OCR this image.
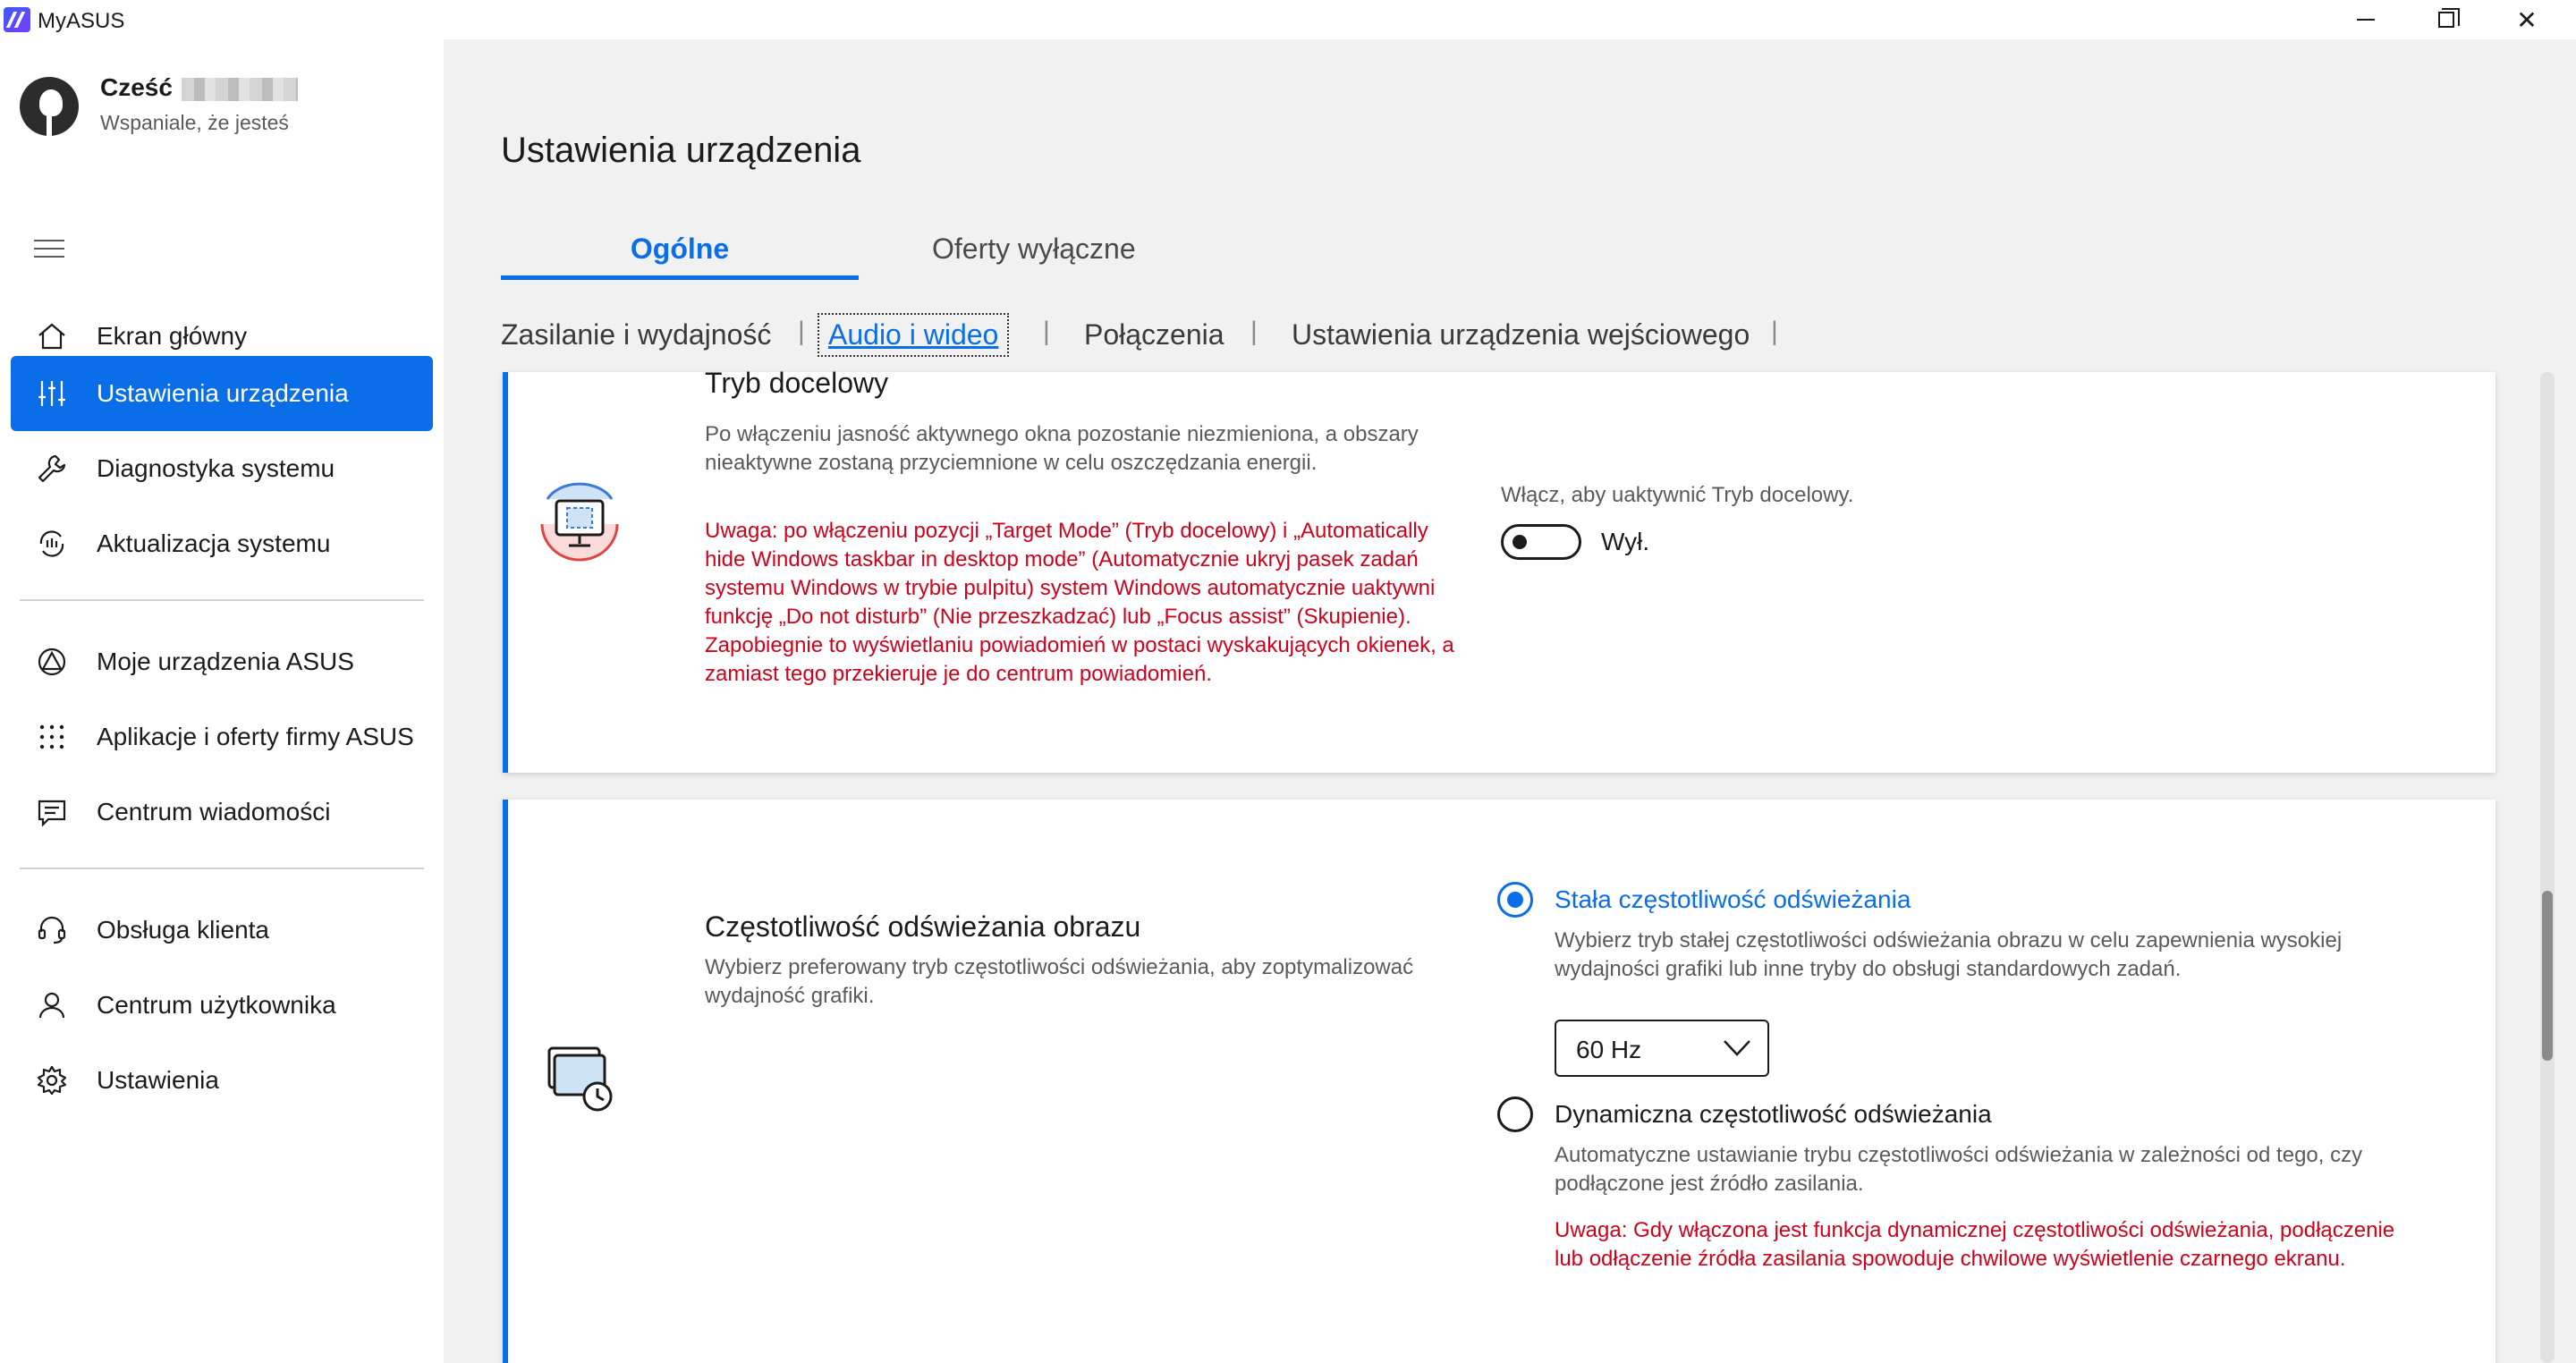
MyASUS	✕
Cześć
Wspaniale, że jesteś
Ekran główny
Ustawienia urządzenia
Diagnostyka systemu
Aktualizacja systemu
Moje urządzenia ASUS
Aplikacje i oferty firmy ASUS
Centrum wiadomości
Obsługa klienta
Centrum użytkownika
Ustawienia
Ustawienia urządzenia
Ogólne	Oferty wyłączne
Zasilanie i wydajność | Audio i wideo | Połączenia | Ustawienia urządzenia wejściowego |
Tryb docelowy
Po włączeniu jasność aktywnego okna pozostanie niezmieniona, a obszary nieaktywne zostaną przyciemnione w celu oszczędzania energii.
Uwaga: po włączeniu pozycji „Target Mode” (Tryb docelowy) i „Automatically hide Windows taskbar in desktop mode” (Automatycznie ukryj pasek zadań systemu Windows w trybie pulpitu) system Windows automatycznie uaktywni funkcję „Do not disturb” (Nie przeszkadzać) lub „Focus assist” (Skupienie). Zapobiegnie to wyświetlaniu powiadomień w postaci wyskakujących okienek, a zamiast tego przekieruje je do centrum powiadomień.
Włącz, aby uaktywnić Tryb docelowy.
Wył.
Częstotliwość odświeżania obrazu
Wybierz preferowany tryb częstotliwości odświeżania, aby zoptymalizować wydajność grafiki.
Stała częstotliwość odświeżania
Wybierz tryb stałej częstotliwości odświeżania obrazu w celu zapewnienia wysokiej wydajności grafiki lub inne tryby do obsługi standardowych zadań.
60 Hz
Dynamiczna częstotliwość odświeżania
Automatyczne ustawianie trybu częstotliwości odświeżania w zależności od tego, czy podłączone jest źródło zasilania.
Uwaga: Gdy włączona jest funkcja dynamicznej częstotliwości odświeżania, podłączenie lub odłączenie źródła zasilania spowoduje chwilowe wyświetlenie czarnego ekranu.
